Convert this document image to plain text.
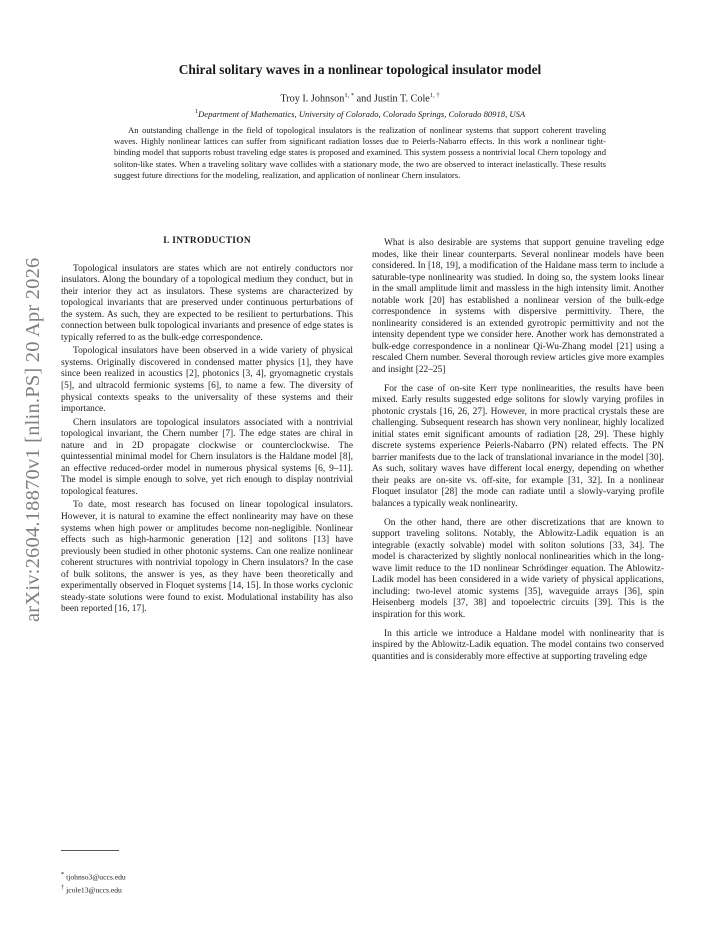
arXiv:2604.18870v1 [nlin.PS] 20 Apr 2026
Chiral solitary waves in a nonlinear topological insulator model
Troy I. Johnson$^{1, *}$ and Justin T. Cole$^{1, \dagger}$
$^1$Department of Mathematics, University of Colorado, Colorado Springs, Colorado 80918, USA

An outstanding challenge in the field of topological insulators is the realization of nonlinear systems that support coherent traveling waves. Highly nonlinear lattices can suffer from significant radiation losses due to Peierls-Nabarro effects. In this work a nonlinear tight-binding model that supports robust traveling edge states is proposed and examined. This system possess a nontrivial local Chern topology and soliton-like states. When a traveling solitary wave collides with a stationary mode, the two are observed to interact inelastically. These results suggest future directions for the modeling, realization, and application of nonlinear Chern insulators.

I. INTRODUCTION

Topological insulators are states which are not entirely conductors nor insulators. Along the boundary of a topological medium they conduct, but in their interior they act as insulators. These systems are characterized by topological invariants that are preserved under continuous perturbations of the system. As such, they are expected to be resilient to perturbations. This connection between bulk topological invariants and presence of edge states is typically referred to as the bulk-edge correspondence.

Topological insulators have been observed in a wide variety of physical systems. Originally discovered in condensed matter physics [1], they have since been realized in acoustics [2], photonics [3, 4], gryomagnetic crystals [5], and ultracold fermionic systems [6], to name a few. The diversity of physical contexts speaks to the universality of these systems and their importance.

Chern insulators are topological insulators associated with a nontrivial topological invariant, the Chern number [7]. The edge states are chiral in nature and in 2D propagate clockwise or counterclockwise. The quintessential minimal model for Chern insulators is the Haldane model [8], an effective reduced-order model in numerous physical systems [6, 9–11]. The model is simple enough to solve, yet rich enough to display nontrivial topological features.

To date, most research has focused on linear topological insulators. However, it is natural to examine the effect nonlinearity may have on these systems when high power or amplitudes become non-negligible. Nonlinear effects such as high-harmonic generation [12] and solitons [13] have previously been studied in other photonic systems. Can one realize nonlinear coherent structures with nontrivial topology in Chern insulators? In the case of bulk solitons, the answer is yes, as they have been theoretically and experimentally observed in Floquet systems [14, 15]. In those works cyclonic steady-state solutions were found to exist. Modulational instability has also been reported [16, 17].

What is also desirable are systems that support genuine traveling edge modes, like their linear counterparts. Several nonlinear models have been considered. In [18, 19], a modification of the Haldane mass term to include a saturable-type nonlinearity was studied. In doing so, the system looks linear in the small amplitude limit and massless in the high intensity limit. Another notable work [20] has established a nonlinear version of the bulk-edge correspondence in systems with dispersive permittivity. There, the nonlinearity considered is an extended gyrotropic permittivity and not the intensity dependent type we consider here. Another work has demonstrated a bulk-edge correspondence in a nonlinear Qi-Wu-Zhang model [21] using a rescaled Chern number. Several thorough review articles give more examples and insight [22–25]

For the case of on-site Kerr type nonlinearities, the results have been mixed. Early results suggested edge solitons for slowly varying profiles in photonic crystals [16, 26, 27]. However, in more practical crystals these are challenging. Subsequent research has shown very nonlinear, highly localized initial states emit significant amounts of radiation [28, 29]. These highly discrete systems experience Peierls-Nabarro (PN) related effects. The PN barrier manifests due to the lack of translational invariance in the model [30]. As such, solitary waves have different local energy, depending on whether their peaks are on-site vs. off-site, for example [31, 32]. In a nonlinear Floquet insulator [28] the mode can radiate until a slowly-varying profile balances a typically weak nonlinearity.

On the other hand, there are other discretizations that are known to support traveling solitons. Notably, the Ablowitz-Ladik equation is an integrable (exactly solvable) model with soliton solutions [33, 34]. The model is characterized by slightly nonlocal nonlinearities which in the long-wave limit reduce to the 1D nonlinear Schrödinger equation. The Ablowitz-Ladik model has been considered in a wide variety of physical applications, including: two-level atomic systems [35], waveguide arrays [36], spin Heisenberg models [37, 38] and topoelectric circuits [39]. This is the inspiration for this work.

In this article we introduce a Haldane model with nonlinearity that is inspired by the Ablowitz-Ladik equation. The model contains two conserved quantities and is considerably more effective at supporting traveling edge

* tjohnso3@uccs.edu
† jcole13@uccs.edu
